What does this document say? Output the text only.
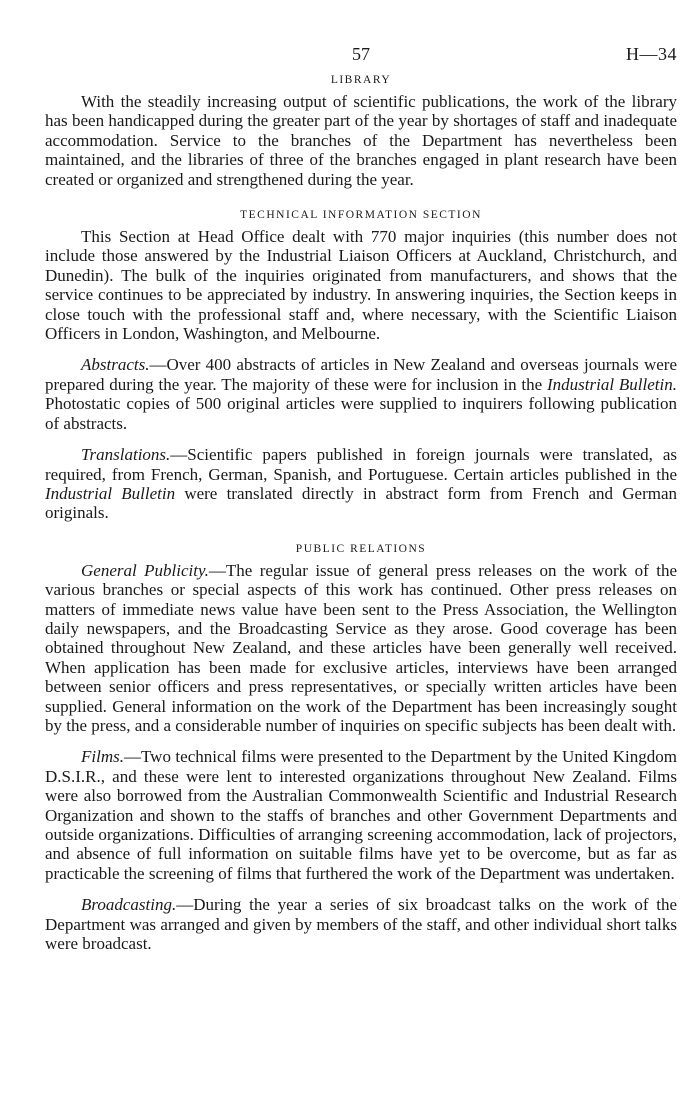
57	H—34
LIBRARY

With the steadily increasing output of scientific publications, the work of the library has been handicapped during the greater part of the year by shortages of staff and inadequate accommodation. Service to the branches of the Department has nevertheless been maintained, and the libraries of three of the branches engaged in plant research have been created or organized and strengthened during the year.

TECHNICAL INFORMATION SECTION

This Section at Head Office dealt with 770 major inquiries (this number does not include those answered by the Industrial Liaison Officers at Auckland, Christchurch, and Dunedin). The bulk of the inquiries originated from manufacturers, and shows that the service continues to be appreciated by industry. In answering inquiries, the Section keeps in close touch with the professional staff and, where necessary, with the Scientific Liaison Officers in London, Washington, and Melbourne.

Abstracts.—Over 400 abstracts of articles in New Zealand and overseas journals were prepared during the year. The majority of these were for inclusion in the Industrial Bulletin. Photostatic copies of 500 original articles were supplied to inquirers following publication of abstracts.

Translations.—Scientific papers published in foreign journals were translated, as required, from French, German, Spanish, and Portuguese. Certain articles published in the Industrial Bulletin were translated directly in abstract form from French and German originals.

PUBLIC RELATIONS

General Publicity.—The regular issue of general press releases on the work of the various branches or special aspects of this work has continued. Other press releases on matters of immediate news value have been sent to the Press Association, the Wellington daily newspapers, and the Broadcasting Service as they arose. Good coverage has been obtained throughout New Zealand, and these articles have been generally well received. When application has been made for exclusive articles, interviews have been arranged between senior officers and press representatives, or specially written articles have been supplied. General information on the work of the Department has been increasingly sought by the press, and a considerable number of inquiries on specific subjects has been dealt with.

Films.—Two technical films were presented to the Department by the United Kingdom D.S.I.R., and these were lent to interested organizations throughout New Zealand. Films were also borrowed from the Australian Commonwealth Scientific and Industrial Research Organization and shown to the staffs of branches and other Government Departments and outside organizations. Difficulties of arranging screening accommodation, lack of projectors, and absence of full information on suitable films have yet to be overcome, but as far as practicable the screening of films that furthered the work of the Department was undertaken.

Broadcasting.—During the year a series of six broadcast talks on the work of the Department was arranged and given by members of the staff, and other individual short talks were broadcast.
